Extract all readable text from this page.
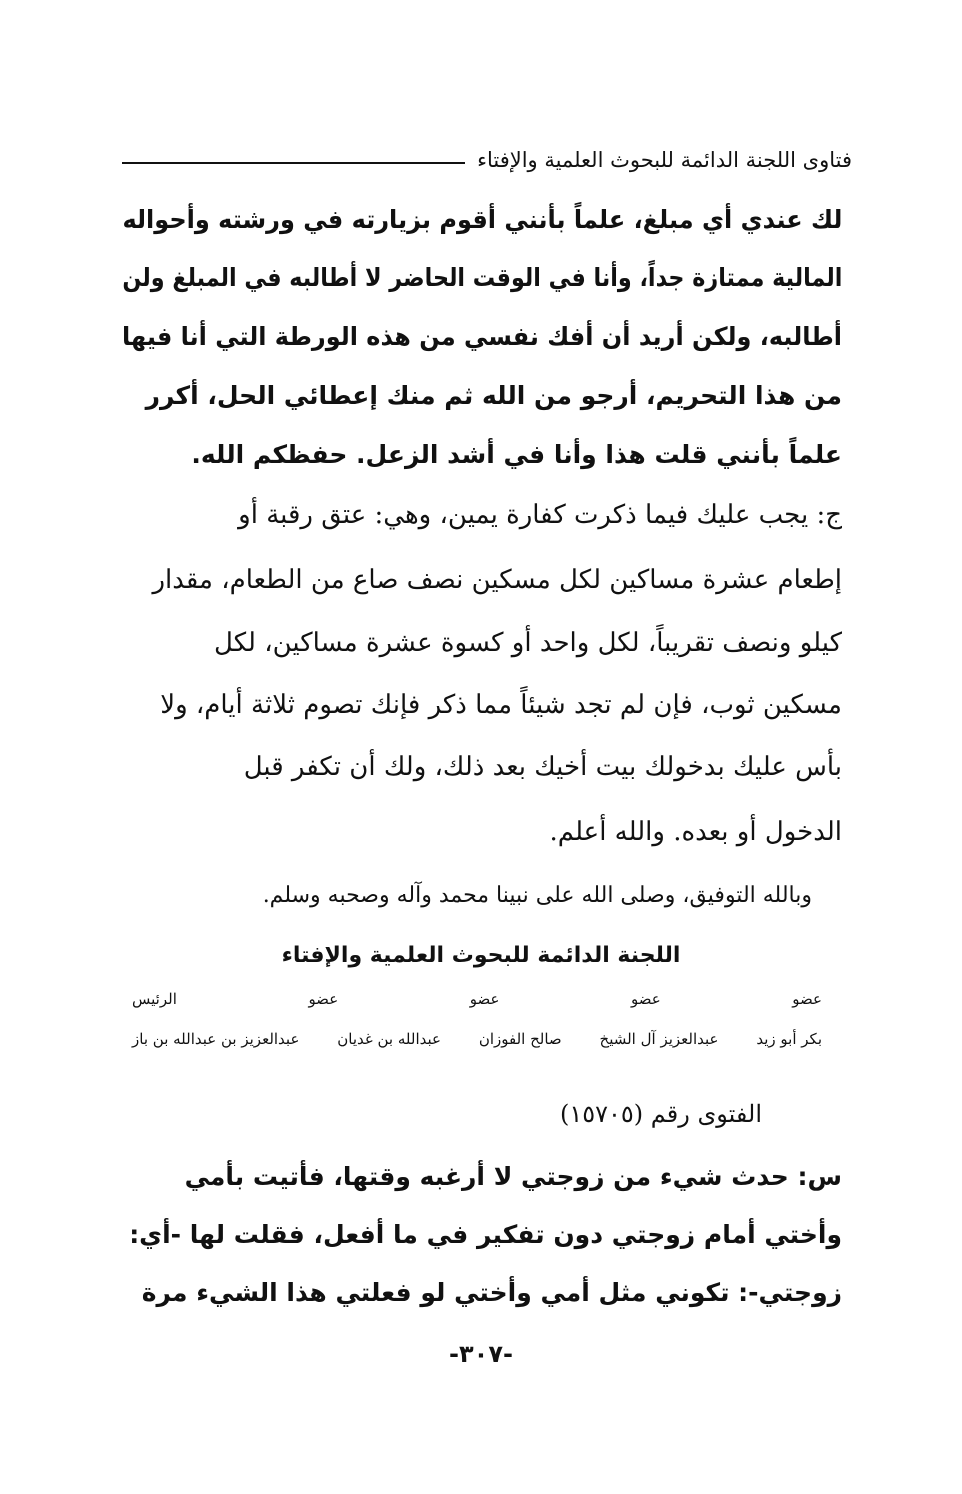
فتاوى اللجنة الدائمة للبحوث العلمية والإفتاء
لك عندي أي مبلغ، علماً بأنني أقوم بزيارته في ورشته وأحواله
المالية ممتازة جداً، وأنا في الوقت الحاضر لا أطالبه في المبلغ ولن
أطالبه، ولكن أريد أن أفك نفسي من هذه الورطة التي أنا فيها
من هذا التحريم، أرجو من الله ثم منك إعطائي الحل، أكرر
علماً بأنني قلت هذا وأنا في أشد الزعل. حفظكم الله.
ج: يجب عليك فيما ذكرت كفارة يمين، وهي: عتق رقبة أو
إطعام عشرة مساكين لكل مسكين نصف صاع من الطعام، مقدار
كيلو ونصف تقريباً، لكل واحد أو كسوة عشرة مساكين، لكل
مسكين ثوب، فإن لم تجد شيئاً مما ذكر فإنك تصوم ثلاثة أيام، ولا
بأس عليك بدخولك بيت أخيك بعد ذلك، ولك أن تكفر قبل
الدخول أو بعده. والله أعلم.
وبالله التوفيق، وصلى الله على نبينا محمد وآله وصحبه وسلم.
اللجنة الدائمة للبحوث العلمية والإفتاء
عضو
عضو
عضو
عضو
الرئيس
بكر أبو زيد
عبدالعزيز آل الشيخ
صالح الفوزان
عبدالله بن غديان
عبدالعزيز بن عبدالله بن باز
الفتوى رقم (١٥٧٠٥)
س: حدث شيء من زوجتي لا أرغبه وقتها، فأتيت بأمي
وأختي أمام زوجتي دون تفكير في ما أفعل، فقلت لها -أي:
زوجتي-: تكوني مثل أمي وأختي لو فعلتي هذا الشيء مرة
-٣٠٧-
